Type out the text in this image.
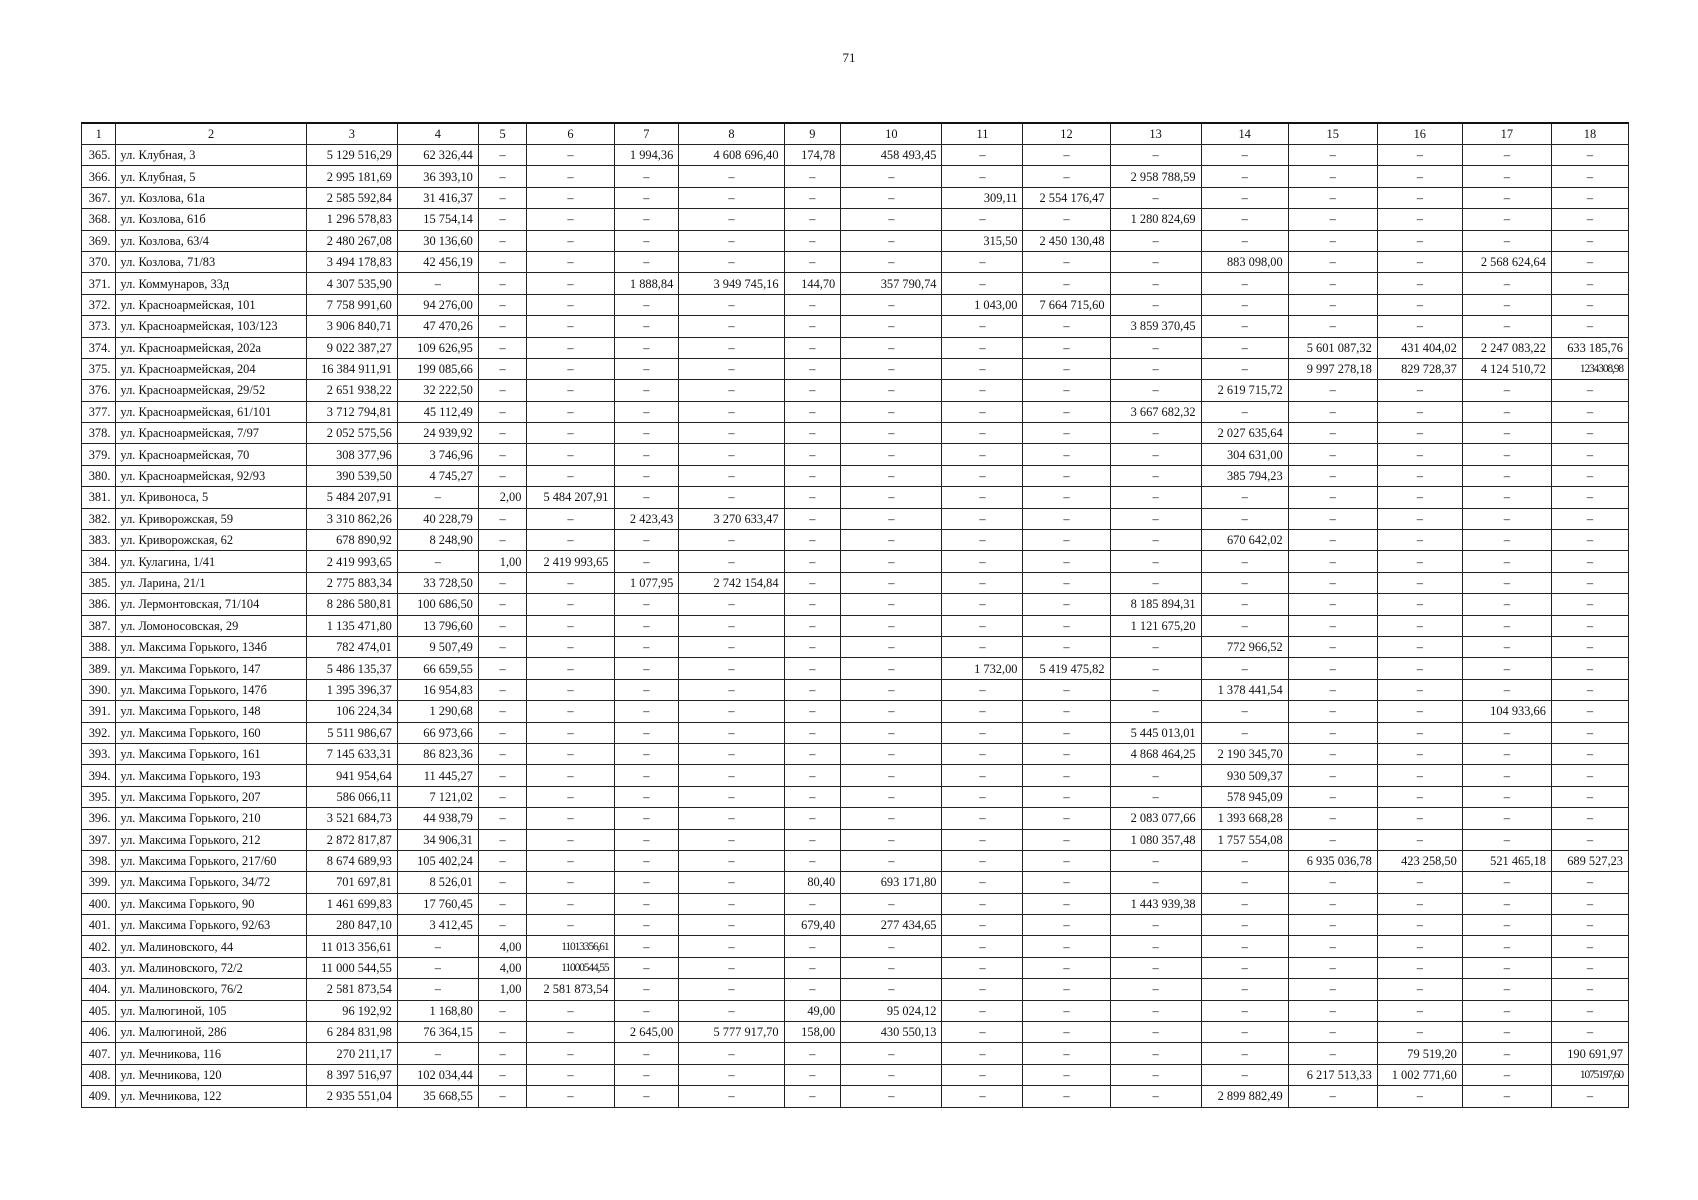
71
1	2	3	4	5	6	7	8	9	10	11	12	13	14	15	16	17	18
365.	ул. Клубная, 3	5 129 516,29	62 326,44	–	–	1 994,36	4 608 696,40	174,78	458 493,45	–	–	–	–	–	–	–	–
366.	ул. Клубная, 5	2 995 181,69	36 393,10	–	–	–	–	–	–	–	–	2 958 788,59	–	–	–	–	–
367.	ул. Козлова, 61а	2 585 592,84	31 416,37	–	–	–	–	–	–	309,11	2 554 176,47	–	–	–	–	–	–
368.	ул. Козлова, 61б	1 296 578,83	15 754,14	–	–	–	–	–	–	–	–	1 280 824,69	–	–	–	–	–
369.	ул. Козлова, 63/4	2 480 267,08	30 136,60	–	–	–	–	–	–	315,50	2 450 130,48	–	–	–	–	–	–
370.	ул. Козлова, 71/83	3 494 178,83	42 456,19	–	–	–	–	–	–	–	–	–	883 098,00	–	–	2 568 624,64	–
371.	ул. Коммунаров, 33д	4 307 535,90	–	–	–	1 888,84	3 949 745,16	144,70	357 790,74	–	–	–	–	–	–	–	–
372.	ул. Красноармейская, 101	7 758 991,60	94 276,00	–	–	–	–	–	–	1 043,00	7 664 715,60	–	–	–	–	–	–
373.	ул. Красноармейская, 103/123	3 906 840,71	47 470,26	–	–	–	–	–	–	–	–	3 859 370,45	–	–	–	–	–
374.	ул. Красноармейская, 202а	9 022 387,27	109 626,95	–	–	–	–	–	–	–	–	–	–	5 601 087,32	431 404,02	2 247 083,22	633 185,76
375.	ул. Красноармейская, 204	16 384 911,91	199 085,66	–	–	–	–	–	–	–	–	–	–	9 997 278,18	829 728,37	4 124 510,72	1234308,98
376.	ул. Красноармейская, 29/52	2 651 938,22	32 222,50	–	–	–	–	–	–	–	–	–	2 619 715,72	–	–	–	–
377.	ул. Красноармейская, 61/101	3 712 794,81	45 112,49	–	–	–	–	–	–	–	–	3 667 682,32	–	–	–	–	–
378.	ул. Красноармейская, 7/97	2 052 575,56	24 939,92	–	–	–	–	–	–	–	–	–	2 027 635,64	–	–	–	–
379.	ул. Красноармейская, 70	308 377,96	3 746,96	–	–	–	–	–	–	–	–	–	304 631,00	–	–	–	–
380.	ул. Красноармейская, 92/93	390 539,50	4 745,27	–	–	–	–	–	–	–	–	–	385 794,23	–	–	–	–
381.	ул. Кривоноса, 5	5 484 207,91	–	2,00	5 484 207,91	–	–	–	–	–	–	–	–	–	–	–	–
382.	ул. Криворожская, 59	3 310 862,26	40 228,79	–	–	2 423,43	3 270 633,47	–	–	–	–	–	–	–	–	–	–
383.	ул. Криворожская, 62	678 890,92	8 248,90	–	–	–	–	–	–	–	–	–	670 642,02	–	–	–	–
384.	ул. Кулагина, 1/41	2 419 993,65	–	1,00	2 419 993,65	–	–	–	–	–	–	–	–	–	–	–	–
385.	ул. Ларина, 21/1	2 775 883,34	33 728,50	–	–	1 077,95	2 742 154,84	–	–	–	–	–	–	–	–	–	–
386.	ул. Лермонтовская, 71/104	8 286 580,81	100 686,50	–	–	–	–	–	–	–	–	8 185 894,31	–	–	–	–	–
387.	ул. Ломоносовская, 29	1 135 471,80	13 796,60	–	–	–	–	–	–	–	–	1 121 675,20	–	–	–	–	–
388.	ул. Максима Горького, 134б	782 474,01	9 507,49	–	–	–	–	–	–	–	–	–	772 966,52	–	–	–	–
389.	ул. Максима Горького, 147	5 486 135,37	66 659,55	–	–	–	–	–	–	1 732,00	5 419 475,82	–	–	–	–	–	–
390.	ул. Максима Горького, 147б	1 395 396,37	16 954,83	–	–	–	–	–	–	–	–	–	1 378 441,54	–	–	–	–
391.	ул. Максима Горького, 148	106 224,34	1 290,68	–	–	–	–	–	–	–	–	–	–	–	–	104 933,66	–
392.	ул. Максима Горького, 160	5 511 986,67	66 973,66	–	–	–	–	–	–	–	–	5 445 013,01	–	–	–	–	–
393.	ул. Максима Горького, 161	7 145 633,31	86 823,36	–	–	–	–	–	–	–	–	4 868 464,25	2 190 345,70	–	–	–	–
394.	ул. Максима Горького, 193	941 954,64	11 445,27	–	–	–	–	–	–	–	–	–	930 509,37	–	–	–	–
395.	ул. Максима Горького, 207	586 066,11	7 121,02	–	–	–	–	–	–	–	–	–	578 945,09	–	–	–	–
396.	ул. Максима Горького, 210	3 521 684,73	44 938,79	–	–	–	–	–	–	–	–	2 083 077,66	1 393 668,28	–	–	–	–
397.	ул. Максима Горького, 212	2 872 817,87	34 906,31	–	–	–	–	–	–	–	–	1 080 357,48	1 757 554,08	–	–	–	–
398.	ул. Максима Горького, 217/60	8 674 689,93	105 402,24	–	–	–	–	–	–	–	–	–	–	6 935 036,78	423 258,50	521 465,18	689 527,23
399.	ул. Максима Горького, 34/72	701 697,81	8 526,01	–	–	–	–	80,40	693 171,80	–	–	–	–	–	–	–	–
400.	ул. Максима Горького, 90	1 461 699,83	17 760,45	–	–	–	–	–	–	–	–	1 443 939,38	–	–	–	–	–
401.	ул. Максима Горького, 92/63	280 847,10	3 412,45	–	–	–	–	679,40	277 434,65	–	–	–	–	–	–	–	–
402.	ул. Малиновского, 44	11 013 356,61	–	4,00	11013356,61	–	–	–	–	–	–	–	–	–	–	–	–
403.	ул. Малиновского, 72/2	11 000 544,55	–	4,00	11000544,55	–	–	–	–	–	–	–	–	–	–	–	–
404.	ул. Малиновского, 76/2	2 581 873,54	–	1,00	2 581 873,54	–	–	–	–	–	–	–	–	–	–	–	–
405.	ул. Малюгиной, 105	96 192,92	1 168,80	–	–	–	–	49,00	95 024,12	–	–	–	–	–	–	–	–
406.	ул. Малюгиной, 286	6 284 831,98	76 364,15	–	–	2 645,00	5 777 917,70	158,00	430 550,13	–	–	–	–	–	–	–	–
407.	ул. Мечникова, 116	270 211,17	–	–	–	–	–	–	–	–	–	–	–	–	79 519,20	–	190 691,97
408.	ул. Мечникова, 120	8 397 516,97	102 034,44	–	–	–	–	–	–	–	–	–	–	6 217 513,33	1 002 771,60	–	1075197,60
409.	ул. Мечникова, 122	2 935 551,04	35 668,55	–	–	–	–	–	–	–	–	–	2 899 882,49	–	–	–	–
